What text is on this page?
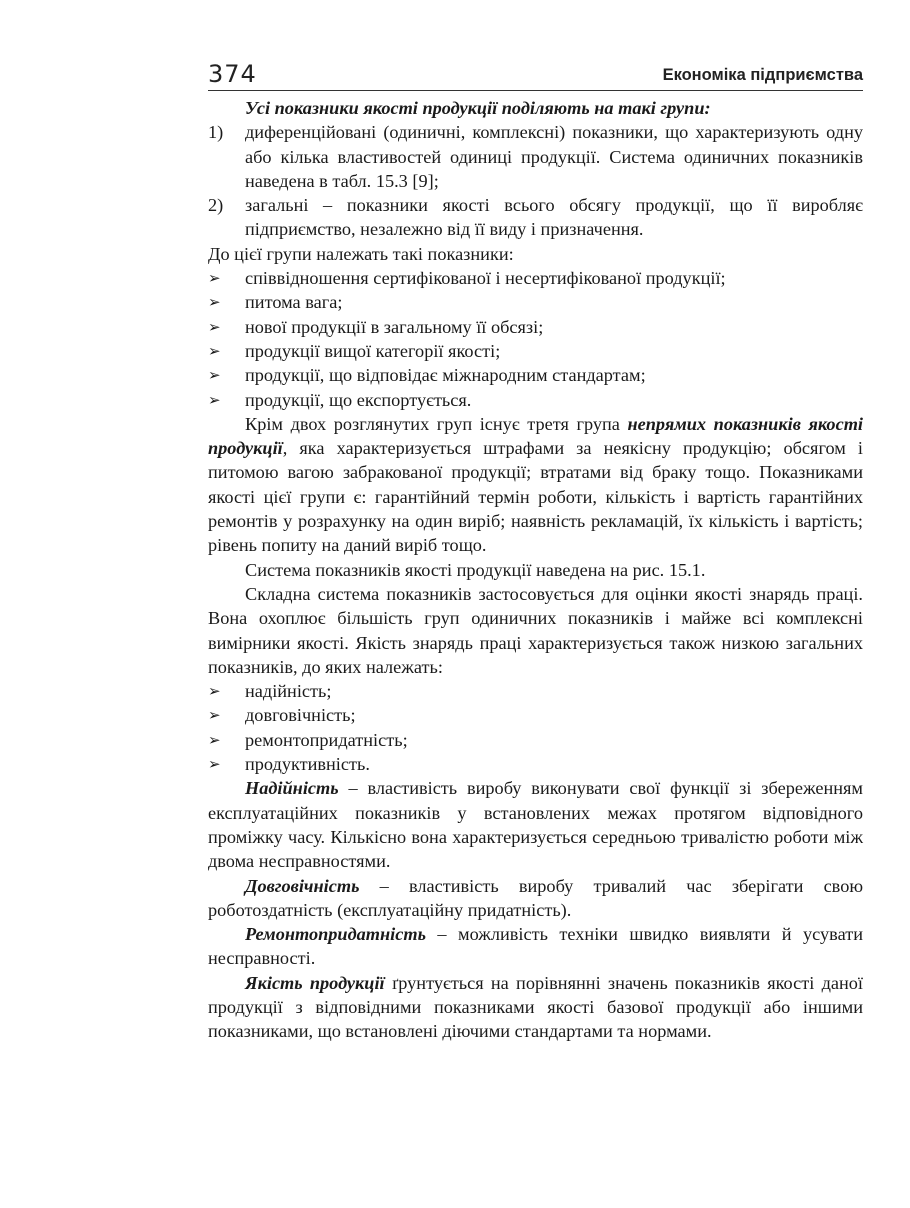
374	Економіка підприємства

Усі показники якості продукції поділяють на такі групи:

1)	диференційовані (одиничні, комплексні) показники, що характеризують одну або кілька властивостей одиниці продукції. Система одиничних показників наведена в табл. 15.3 [9];
2)	загальні – показники якості всього обсягу продукції, що її виробляє підприємство, незалежно від її виду і призначення.

До цієї групи належать такі показники:

➢	співвідношення сертифікованої і несертифікованої продукції;
➢	питома вага;
➢	нової продукції в загальному її обсязі;
➢	продукції вищої категорії якості;
➢	продукції, що відповідає міжнародним стандартам;
➢	продукції, що експортується.

Крім двох розглянутих груп існує третя група непрямих показників якості продукції, яка характеризується штрафами за неякісну продукцію; обсягом і питомою вагою забракованої продукції; втратами від браку тощо. Показниками якості цієї групи є: гарантійний термін роботи, кількість і вартість гарантійних ремонтів у розрахунку на один виріб; наявність рекламацій, їх кількість і вартість; рівень попиту на даний виріб тощо.

Система показників якості продукції наведена на рис. 15.1.

Складна система показників застосовується для оцінки якості знарядь праці. Вона охоплює більшість груп одиничних показників і майже всі комплексні вимірники якості. Якість знарядь праці характеризується також низкою загальних показників, до яких належать:

➢	надійність;
➢	довговічність;
➢	ремонтопридатність;
➢	продуктивність.

Надійність – властивість виробу виконувати свої функції зі збереженням експлуатаційних показників у встановлених межах протягом відповідного проміжку часу. Кількісно вона характеризується середньою тривалістю роботи між двома несправностями.

Довговічність – властивість виробу тривалий час зберігати свою роботоздатність (експлуатаційну придатність).

Ремонтопридатність – можливість техніки швидко виявляти й усувати несправності.

Якість продукції ґрунтується на порівнянні значень показників якості даної продукції з відповідними показниками якості базової продукції або іншими показниками, що встановлені діючими стандартами та нормами.
